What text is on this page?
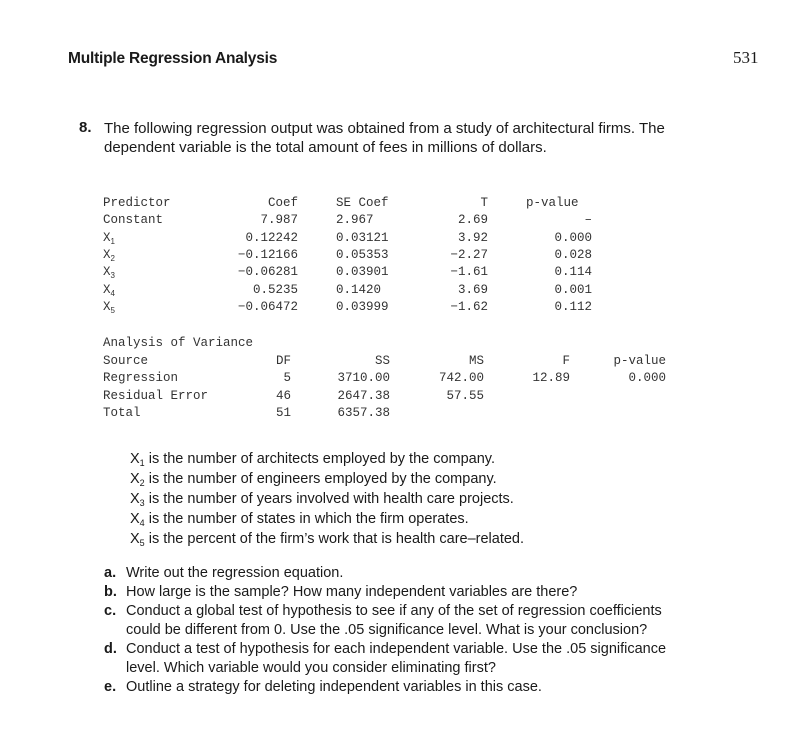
Multiple Regression Analysis	531
8. The following regression output was obtained from a study of architectural firms. The
dependent variable is the total amount of fees in millions of dollars.
Predictor	Coef	SE Coef	T	p-value
Constant	7.987	2.967	2.69	–
$X_1$	0.12242	0.03121	3.92	0.000
$X_2$	−0.12166	0.05353	−2.27	0.028
$X_3$	−0.06281	0.03901	−1.61	0.114
$X_4$	0.5235	0.1420	3.69	0.001
$X_5$	−0.06472	0.03999	−1.62	0.112
Analysis of Variance
Source	DF	SS	MS	F	p-value
Regression	5	3710.00	742.00	12.89	0.000
Residual Error	46	2647.38	57.55
Total	51	6357.38
$X_1$ is the number of architects employed by the company.
$X_2$ is the number of engineers employed by the company.
$X_3$ is the number of years involved with health care projects.
$X_4$ is the number of states in which the firm operates.
$X_5$ is the percent of the firm’s work that is health care–related.
a. Write out the regression equation.
b. How large is the sample? How many independent variables are there?
c. Conduct a global test of hypothesis to see if any of the set of regression coefficients
could be different from 0. Use the .05 significance level. What is your conclusion?
d. Conduct a test of hypothesis for each independent variable. Use the .05 significance
level. Which variable would you consider eliminating first?
e. Outline a strategy for deleting independent variables in this case.
